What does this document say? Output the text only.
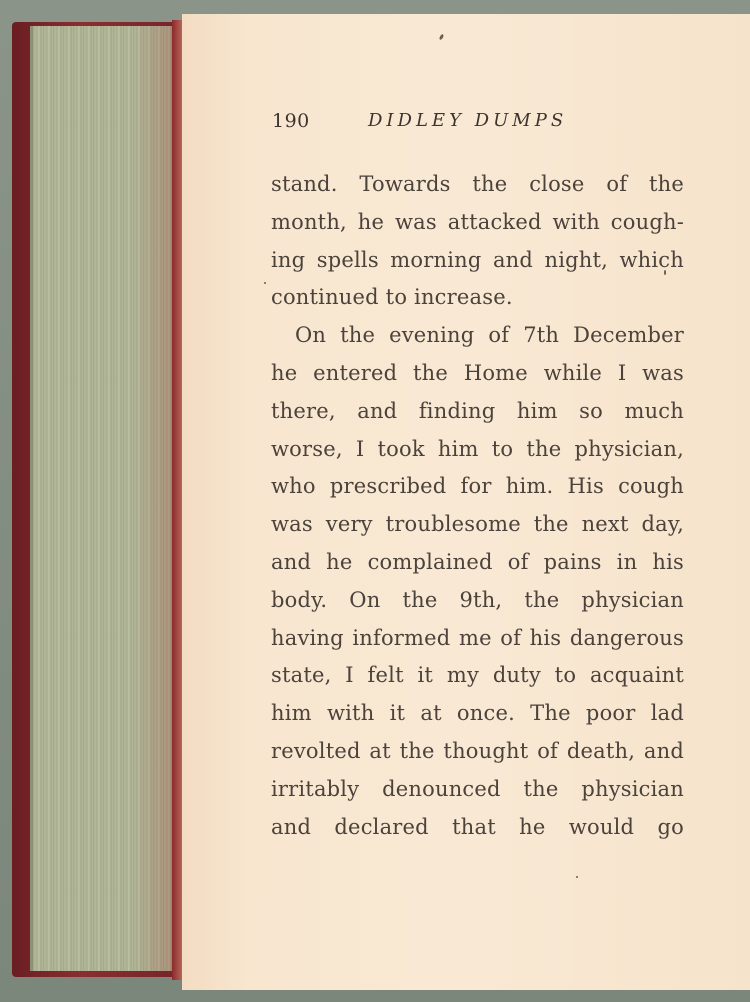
190	DIDLEY DUMPS
stand. Towards the close of the
month, he was attacked with cough-
ing spells morning and night, which
continued to increase.
On the evening of 7th December
he entered the Home while I was
there, and finding him so much
worse, I took him to the physician,
who prescribed for him. His cough
was very troublesome the next day,
and he complained of pains in his
body. On the 9th, the physician
having informed me of his dangerous
state, I felt it my duty to acquaint
him with it at once. The poor lad
revolted at the thought of death, and
irritably denounced the physician
and declared that he would go
